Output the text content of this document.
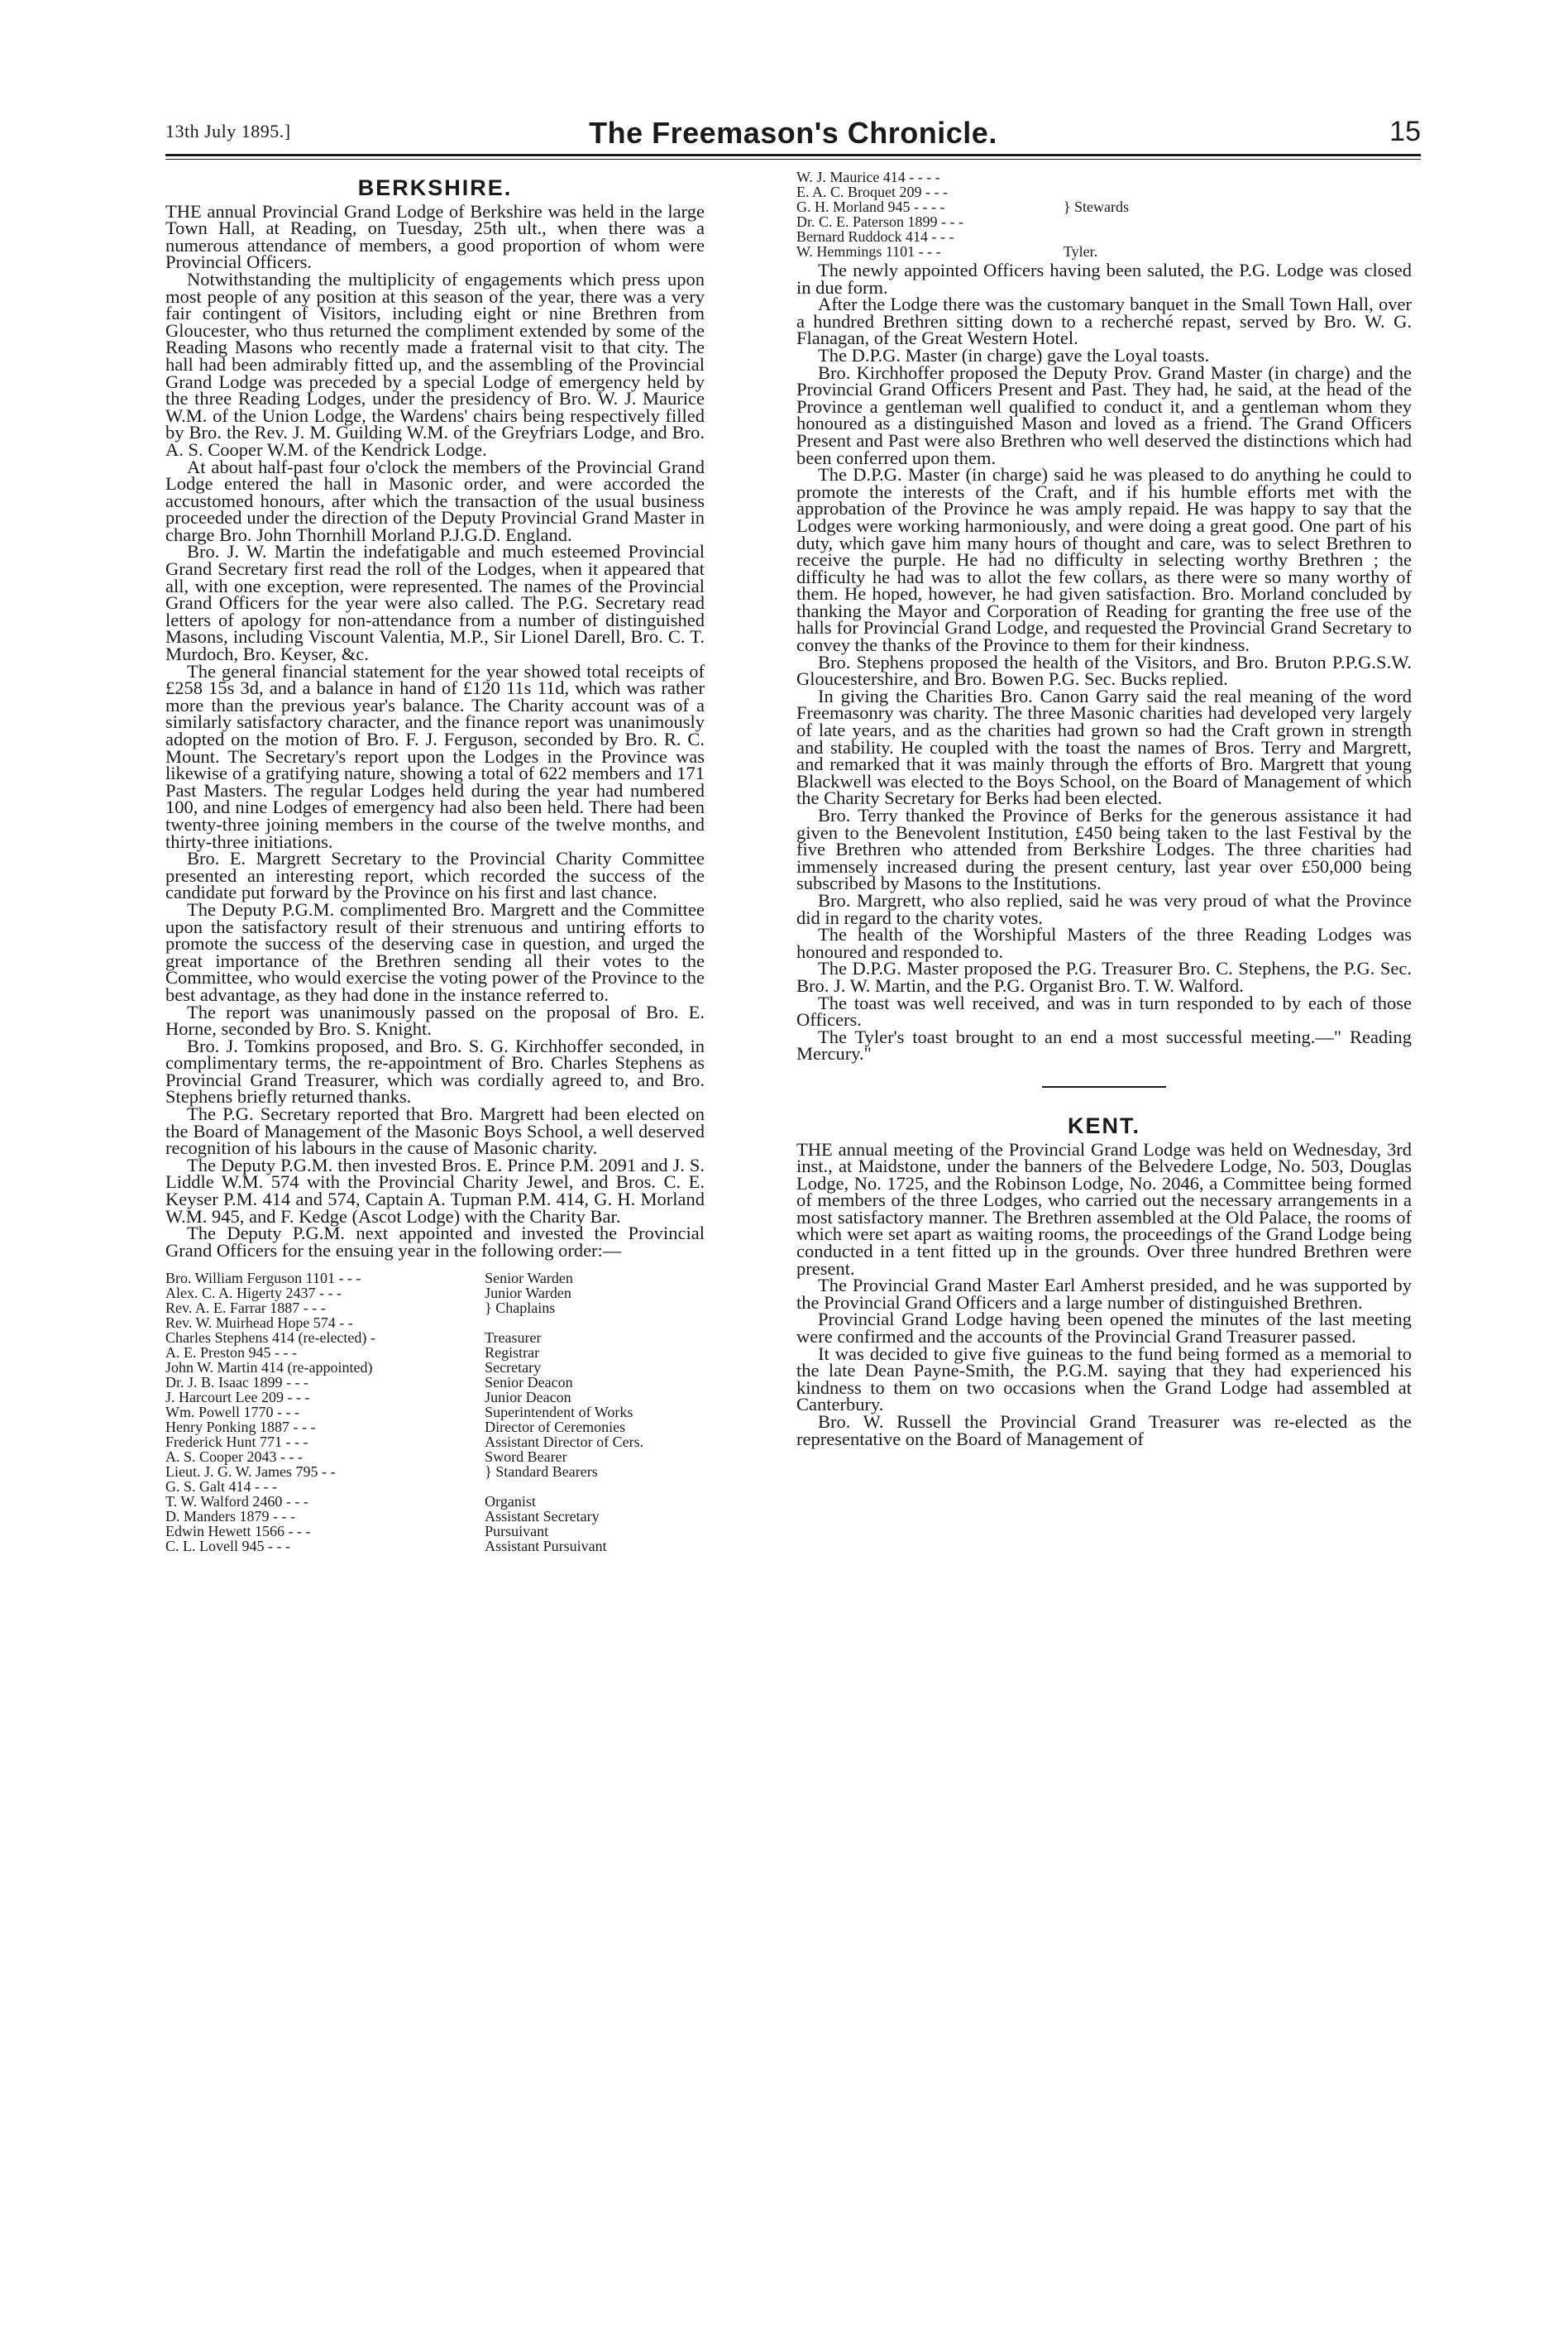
13th July 1895.]	The Freemason's Chronicle.	15
BERKSHIRE.

THE annual Provincial Grand Lodge of Berkshire was held in the large Town Hall, at Reading, on Tuesday, 25th ult., when there was a numerous attendance of members, a good proportion of whom were Provincial Officers.

Notwithstanding the multiplicity of engagements which press upon most people of any position at this season of the year, there was a very fair contingent of Visitors, including eight or nine Brethren from Gloucester, who thus returned the compliment extended by some of the Reading Masons who recently made a fraternal visit to that city. The hall had been admirably fitted up, and the assembling of the Provincial Grand Lodge was preceded by a special Lodge of emergency held by the three Reading Lodges, under the presidency of Bro. W. J. Maurice W.M. of the Union Lodge, the Wardens' chairs being respectively filled by Bro. the Rev. J. M. Guilding W.M. of the Greyfriars Lodge, and Bro. A. S. Cooper W.M. of the Kendrick Lodge.

At about half-past four o'clock the members of the Provincial Grand Lodge entered the hall in Masonic order, and were accorded the accustomed honours, after which the transaction of the usual business proceeded under the direction of the Deputy Provincial Grand Master in charge Bro. John Thornhill Morland P.J.G.D. England.

Bro. J. W. Martin the indefatigable and much esteemed Provincial Grand Secretary first read the roll of the Lodges, when it appeared that all, with one exception, were represented. The names of the Provincial Grand Officers for the year were also called. The P.G. Secretary read letters of apology for non-attendance from a number of distinguished Masons, including Viscount Valentia, M.P., Sir Lionel Darell, Bro. C. T. Murdoch, Bro. Keyser, &c.

The general financial statement for the year showed total receipts of £258 15s 3d, and a balance in hand of £120 11s 11d, which was rather more than the previous year's balance. The Charity account was of a similarly satisfactory character, and the finance report was unanimously adopted on the motion of Bro. F. J. Ferguson, seconded by Bro. R. C. Mount. The Secretary's report upon the Lodges in the Province was likewise of a gratifying nature, showing a total of 622 members and 171 Past Masters. The regular Lodges held during the year had numbered 100, and nine Lodges of emergency had also been held. There had been twenty-three joining members in the course of the twelve months, and thirty-three initiations.

Bro. E. Margrett Secretary to the Provincial Charity Committee presented an interesting report, which recorded the success of the candidate put forward by the Province on his first and last chance.

The Deputy P.G.M. complimented Bro. Margrett and the Committee upon the satisfactory result of their strenuous and untiring efforts to promote the success of the deserving case in question, and urged the great importance of the Brethren sending all their votes to the Committee, who would exercise the voting power of the Province to the best advantage, as they had done in the instance referred to.

The report was unanimously passed on the proposal of Bro. E. Horne, seconded by Bro. S. Knight.

Bro. J. Tomkins proposed, and Bro. S. G. Kirchhoffer seconded, in complimentary terms, the re-appointment of Bro. Charles Stephens as Provincial Grand Treasurer, which was cordially agreed to, and Bro. Stephens briefly returned thanks.

The P.G. Secretary reported that Bro. Margrett had been elected on the Board of Management of the Masonic Boys School, a well deserved recognition of his labours in the cause of Masonic charity.

The Deputy P.G.M. then invested Bros. E. Prince P.M. 2091 and J. S. Liddle W.M. 574 with the Provincial Charity Jewel, and Bros. C. E. Keyser P.M. 414 and 574, Captain A. Tupman P.M. 414, G. H. Morland W.M. 945, and F. Kedge (Ascot Lodge) with the Charity Bar.

The Deputy P.G.M. next appointed and invested the Provincial Grand Officers for the ensuing year in the following order:—

Bro. William Ferguson 1101 - - -	Senior Warden
Alex. C. A. Higerty 2437 - - -	Junior Warden
Rev. A. E. Farrar 1887 - - -	} Chaplains
Rev. W. Muirhead Hope 574 - -	
Charles Stephens 414 (re-elected) -	Treasurer
A. E. Preston 945 - - -	Registrar
John W. Martin 414 (re-appointed)	Secretary
Dr. J. B. Isaac 1899 - - -	Senior Deacon
J. Harcourt Lee 209 - - -	Junior Deacon
Wm. Powell 1770 - - -	Superintendent of Works
Henry Ponking 1887 - - -	Director of Ceremonies
Frederick Hunt 771 - - -	Assistant Director of Cers.
A. S. Cooper 2043 - - -	Sword Bearer
Lieut. J. G. W. James 795 - -	} Standard Bearers
G. S. Galt 414 - - -	
T. W. Walford 2460 - - -	Organist
D. Manders 1879 - - -	Assistant Secretary
Edwin Hewett 1566 - - -	Pursuivant
C. L. Lovell 945 - - -	Assistant Pursuivant
W. J. Maurice 414 - - - -	
E. A. C. Broquet 209 - - -	
G. H. Morland 945 - - - -	} Stewards
Dr. C. E. Paterson 1899 - - -	
Bernard Ruddock 414 - - -	
W. Hemmings 1101 - - -	Tyler.

The newly appointed Officers having been saluted, the P.G. Lodge was closed in due form.

After the Lodge there was the customary banquet in the Small Town Hall, over a hundred Brethren sitting down to a recherché repast, served by Bro. W. G. Flanagan, of the Great Western Hotel.

The D.P.G. Master (in charge) gave the Loyal toasts.

Bro. Kirchhoffer proposed the Deputy Prov. Grand Master (in charge) and the Provincial Grand Officers Present and Past. They had, he said, at the head of the Province a gentleman well qualified to conduct it, and a gentleman whom they honoured as a distinguished Mason and loved as a friend. The Grand Officers Present and Past were also Brethren who well deserved the distinctions which had been conferred upon them.

The D.P.G. Master (in charge) said he was pleased to do anything he could to promote the interests of the Craft, and if his humble efforts met with the approbation of the Province he was amply repaid. He was happy to say that the Lodges were working harmoniously, and were doing a great good. One part of his duty, which gave him many hours of thought and care, was to select Brethren to receive the purple. He had no difficulty in selecting worthy Brethren ; the difficulty he had was to allot the few collars, as there were so many worthy of them. He hoped, however, he had given satisfaction. Bro. Morland concluded by thanking the Mayor and Corporation of Reading for granting the free use of the halls for Provincial Grand Lodge, and requested the Provincial Grand Secretary to convey the thanks of the Province to them for their kindness.

Bro. Stephens proposed the health of the Visitors, and Bro. Bruton P.P.G.S.W. Gloucestershire, and Bro. Bowen P.G. Sec. Bucks replied.

In giving the Charities Bro. Canon Garry said the real meaning of the word Freemasonry was charity. The three Masonic charities had developed very largely of late years, and as the charities had grown so had the Craft grown in strength and stability. He coupled with the toast the names of Bros. Terry and Margrett, and remarked that it was mainly through the efforts of Bro. Margrett that young Blackwell was elected to the Boys School, on the Board of Management of which the Charity Secretary for Berks had been elected.

Bro. Terry thanked the Province of Berks for the generous assistance it had given to the Benevolent Institution, £450 being taken to the last Festival by the five Brethren who attended from Berkshire Lodges. The three charities had immensely increased during the present century, last year over £50,000 being subscribed by Masons to the Institutions.

Bro. Margrett, who also replied, said he was very proud of what the Province did in regard to the charity votes.

The health of the Worshipful Masters of the three Reading Lodges was honoured and responded to.

The D.P.G. Master proposed the P.G. Treasurer Bro. C. Stephens, the P.G. Sec. Bro. J. W. Martin, and the P.G. Organist Bro. T. W. Walford.

The toast was well received, and was in turn responded to by each of those Officers.

The Tyler's toast brought to an end a most successful meeting.—" Reading Mercury."

KENT.

THE annual meeting of the Provincial Grand Lodge was held on Wednesday, 3rd inst., at Maidstone, under the banners of the Belvedere Lodge, No. 503, Douglas Lodge, No. 1725, and the Robinson Lodge, No. 2046, a Committee being formed of members of the three Lodges, who carried out the necessary arrangements in a most satisfactory manner. The Brethren assembled at the Old Palace, the rooms of which were set apart as waiting rooms, the proceedings of the Grand Lodge being conducted in a tent fitted up in the grounds. Over three hundred Brethren were present.

The Provincial Grand Master Earl Amherst presided, and he was supported by the Provincial Grand Officers and a large number of distinguished Brethren.

Provincial Grand Lodge having been opened the minutes of the last meeting were confirmed and the accounts of the Provincial Grand Treasurer passed.

It was decided to give five guineas to the fund being formed as a memorial to the late Dean Payne-Smith, the P.G.M. saying that they had experienced his kindness to them on two occasions when the Grand Lodge had assembled at Canterbury.

Bro. W. Russell the Provincial Grand Treasurer was re-elected as the representative on the Board of Management of
